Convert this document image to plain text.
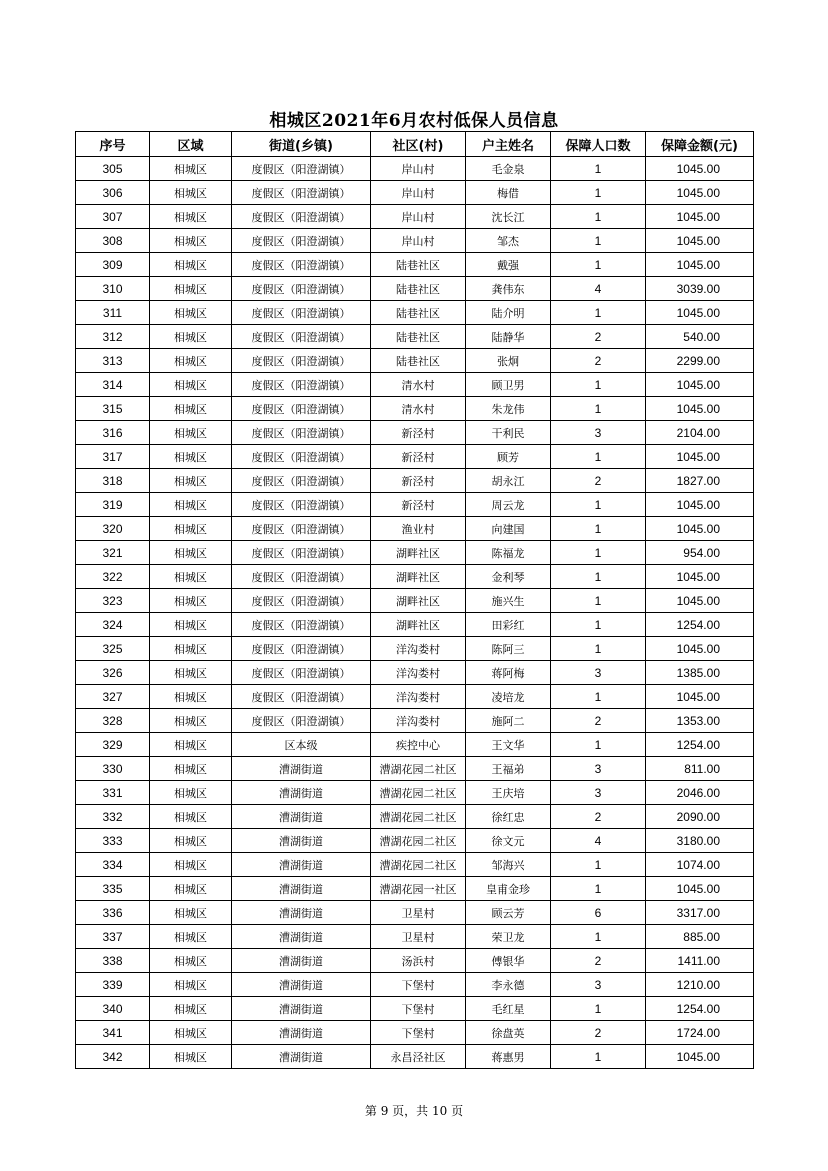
相城区2021年6月农村低保人员信息
序号	区域	街道(乡镇)	社区(村)	户主姓名	保障人口数	保障金额(元)
305	相城区	度假区（阳澄湖镇）	岸山村	毛金泉	1	1045.00
306	相城区	度假区（阳澄湖镇）	岸山村	梅借	1	1045.00
307	相城区	度假区（阳澄湖镇）	岸山村	沈长江	1	1045.00
308	相城区	度假区（阳澄湖镇）	岸山村	邹杰	1	1045.00
309	相城区	度假区（阳澄湖镇）	陆巷社区	戴强	1	1045.00
310	相城区	度假区（阳澄湖镇）	陆巷社区	龚伟东	4	3039.00
311	相城区	度假区（阳澄湖镇）	陆巷社区	陆介明	1	1045.00
312	相城区	度假区（阳澄湖镇）	陆巷社区	陆静华	2	540.00
313	相城区	度假区（阳澄湖镇）	陆巷社区	张炯	2	2299.00
314	相城区	度假区（阳澄湖镇）	清水村	顾卫男	1	1045.00
315	相城区	度假区（阳澄湖镇）	清水村	朱龙伟	1	1045.00
316	相城区	度假区（阳澄湖镇）	新泾村	干利民	3	2104.00
317	相城区	度假区（阳澄湖镇）	新泾村	顾芳	1	1045.00
318	相城区	度假区（阳澄湖镇）	新泾村	胡永江	2	1827.00
319	相城区	度假区（阳澄湖镇）	新泾村	周云龙	1	1045.00
320	相城区	度假区（阳澄湖镇）	渔业村	向建国	1	1045.00
321	相城区	度假区（阳澄湖镇）	湖畔社区	陈福龙	1	954.00
322	相城区	度假区（阳澄湖镇）	湖畔社区	金利琴	1	1045.00
323	相城区	度假区（阳澄湖镇）	湖畔社区	施兴生	1	1045.00
324	相城区	度假区（阳澄湖镇）	湖畔社区	田彩红	1	1254.00
325	相城区	度假区（阳澄湖镇）	洋沟娄村	陈阿三	1	1045.00
326	相城区	度假区（阳澄湖镇）	洋沟娄村	蒋阿梅	3	1385.00
327	相城区	度假区（阳澄湖镇）	洋沟娄村	凌培龙	1	1045.00
328	相城区	度假区（阳澄湖镇）	洋沟娄村	施阿二	2	1353.00
329	相城区	区本级	疾控中心	王文华	1	1254.00
330	相城区	漕湖街道	漕湖花园二社区	王福弟	3	811.00
331	相城区	漕湖街道	漕湖花园二社区	王庆培	3	2046.00
332	相城区	漕湖街道	漕湖花园二社区	徐红忠	2	2090.00
333	相城区	漕湖街道	漕湖花园二社区	徐文元	4	3180.00
334	相城区	漕湖街道	漕湖花园二社区	邹海兴	1	1074.00
335	相城区	漕湖街道	漕湖花园一社区	皇甫金珍	1	1045.00
336	相城区	漕湖街道	卫星村	顾云芳	6	3317.00
337	相城区	漕湖街道	卫星村	荣卫龙	1	885.00
338	相城区	漕湖街道	汤浜村	傅银华	2	1411.00
339	相城区	漕湖街道	下堡村	李永德	3	1210.00
340	相城区	漕湖街道	下堡村	毛红星	1	1254.00
341	相城区	漕湖街道	下堡村	徐盘英	2	1724.00
342	相城区	漕湖街道	永昌泾社区	蒋惠男	1	1045.00
第 9 页，共 10 页
